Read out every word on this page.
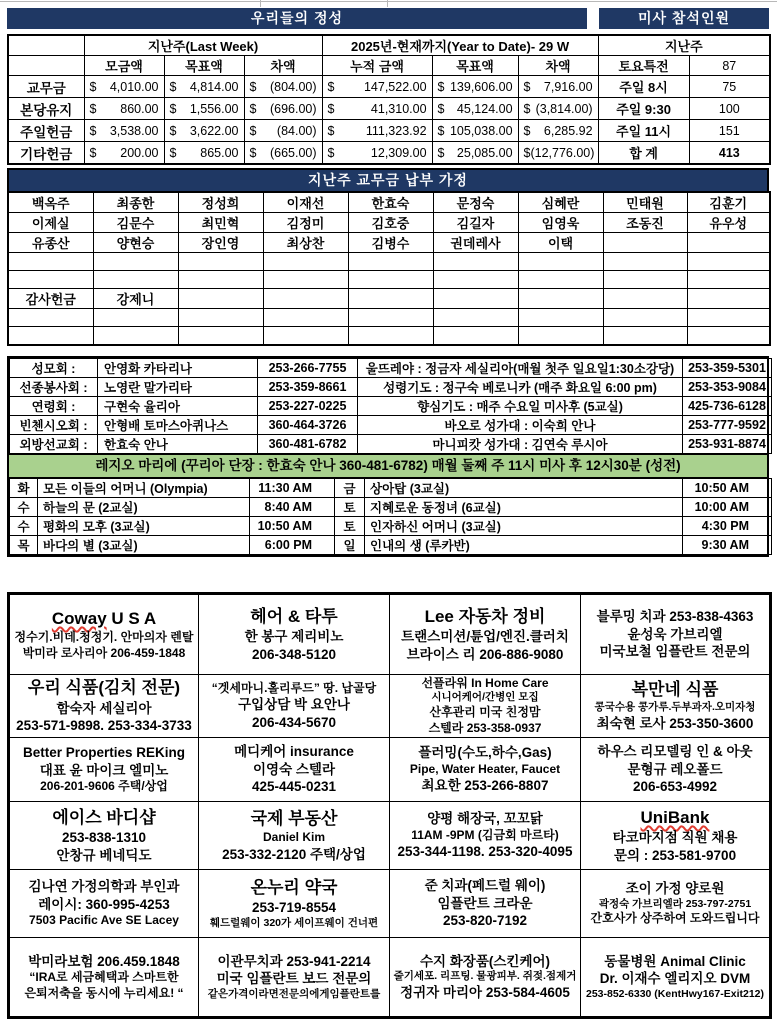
우리들의 정성	미사 참석인원
	지난주(Last Week)			2025년-현재까지(Year to Date)- 29 W			지난주	
	모금액	목표액	차액	누적 금액	목표액	차액	토요특전	87
교무금	$ 4,010.00	$ 4,814.00	$ (804.00)	$ 147,522.00	$ 139,606.00	$ 7,916.00	주일 8시	75
본당유지	$ 860.00	$ 1,556.00	$ (696.00)	$ 41,310.00	$ 45,124.00	$ (3,814.00)	주일 9:30	100
주일헌금	$ 3,538.00	$ 3,622.00	$ (84.00)	$ 111,323.92	$ 105,038.00	$ 6,285.92	주일 11시	151
기타헌금	$ 200.00	$ 865.00	$ (665.00)	$ 12,309.00	$ 25,085.00	$ (12,776.00)	합 계	413
지난주 교무금 납부 가정
백옥주	최종한	정성희	이재선	한효숙	문정숙	심혜란	민태원	김훈기
이제실	김문수	최민혁	김정미	김호중	김길자	임영욱	조동진	유우성
유종산	양현승	장인영	최상찬	김병수	권데레사	이택		

감사헌금	강제니							

성모회 :	안영화 카타리나	253-266-7755	울뜨레야 : 정금자 세실리아(매월 첫주 일요일1:30소강당)	253-359-5301
선종봉사회 :	노영란 말가리타	253-359-8661	성령기도 : 정구숙 베로니카 (매주 화요일 6:00 pm)	253-353-9084
연령회 :	구현숙 율리아	253-227-0225	향심기도 : 매주 수요일 미사후 (5교실)	425-736-6128
빈첸시오회 :	안형배 토마스아퀴나스	360-464-3726	바오로 성가대 : 이숙희 안나	253-777-9592
외방선교회 :	한효숙 안나	360-481-6782	마니피캇 성가대 : 김연숙 루시아	253-931-8874
레지오 마리에 (꾸리아 단장 : 한효숙 안나 360-481-6782) 매월 둘째 주 11시 미사 후 12시30분 (성전)
화	모든 이들의 어머니 (Olympia)	11:30 AM	금	상아탑 (3교실)	10:50 AM
수	하늘의 문 (2교실)	8:40 AM	토	지혜로운 동정녀 (6교실)	10:00 AM
수	평화의 모후 (3교실)	10:50 AM	토	인자하신 어머니 (3교실)	4:30 PM
목	바다의 별 (3교실)	6:00 PM	일	인내의 생 (루카반)	9:30 AM
Coway U S A
정수기.비데.청정기. 안마의자 렌탈
박미라 로사리아 206-459-1848

헤어 & 타투
한 봉구 제리비노
206-348-5120

Lee 자동차 정비
트랜스미션/튠업/엔진.클러치
브라이스 리 206-886-9080

블루밍 치과 253-838-4363
윤성욱 가브리엘
미국보철 임플란트 전문의

우리 식품(김치 전문)
함숙자 세실리아
253-571-9898. 253-334-3733

“겟세마니.홀리루드” 땅. 납골당
구입상담 박 요안나
206-434-5670

선플라워 In Home Care
시니어케어/간병인 모집
산후관리 미국 친정맘
스텔라 253-358-0937

복만네 식품
콩국수용 콩가루.두부과자.오미자청
최숙현 로사 253-350-3600

Better Properties REKing
대표 윤 마이크 엘미노
206-201-9606 주택/상업

메디케어 insurance
이영숙 스텔라
425-445-0231

플러밍(수도,하수,Gas)
Pipe, Water Heater, Faucet
최요한 253-266-8807

하우스 리모델링 인 & 아웃
문형규 레오폴드
206-653-4992

에이스 바디샵
253-838-1310
안창규 베네딕도

국제 부동산
Daniel Kim
253-332-2120 주택/상업

양평 해장국, 꼬꼬닭
11AM -9PM (김금회 마르타)
253-344-1198. 253-320-4095

UniBank
타코마지점 직원 채용
문의 : 253-581-9700

김나연 가정의학과 부인과
레이시: 360-995-4253
7503 Pacific Ave SE Lacey

온누리 약국
253-719-8554
훼드럴웨이 320가 세이프웨이 건너편

준 치과(페드럴 웨이)
임플란트 크라운
253-820-7192

조이 가정 양로원
곽정숙 가브리엘라 253-797-2751
간호사가 상주하여 도와드립니다

박미라보험 206.459.1848
“IRA로 세금혜택과 스마트한
은퇴저축을 동시에 누리세요! “

이관무치과 253-941-2214
미국 임플란트 보드 전문의
같은가격이라면전문의에게임플란트를

수지 화장품(스킨케어)
줄기세포. 리프팅. 물광피부. 쥐젖.점제거
정귀자 마리아 253-584-4605

동물병원 Animal Clinic
Dr. 이재수 엘리지오 DVM
253-852-6330 (KentHwy167-Exit212)
